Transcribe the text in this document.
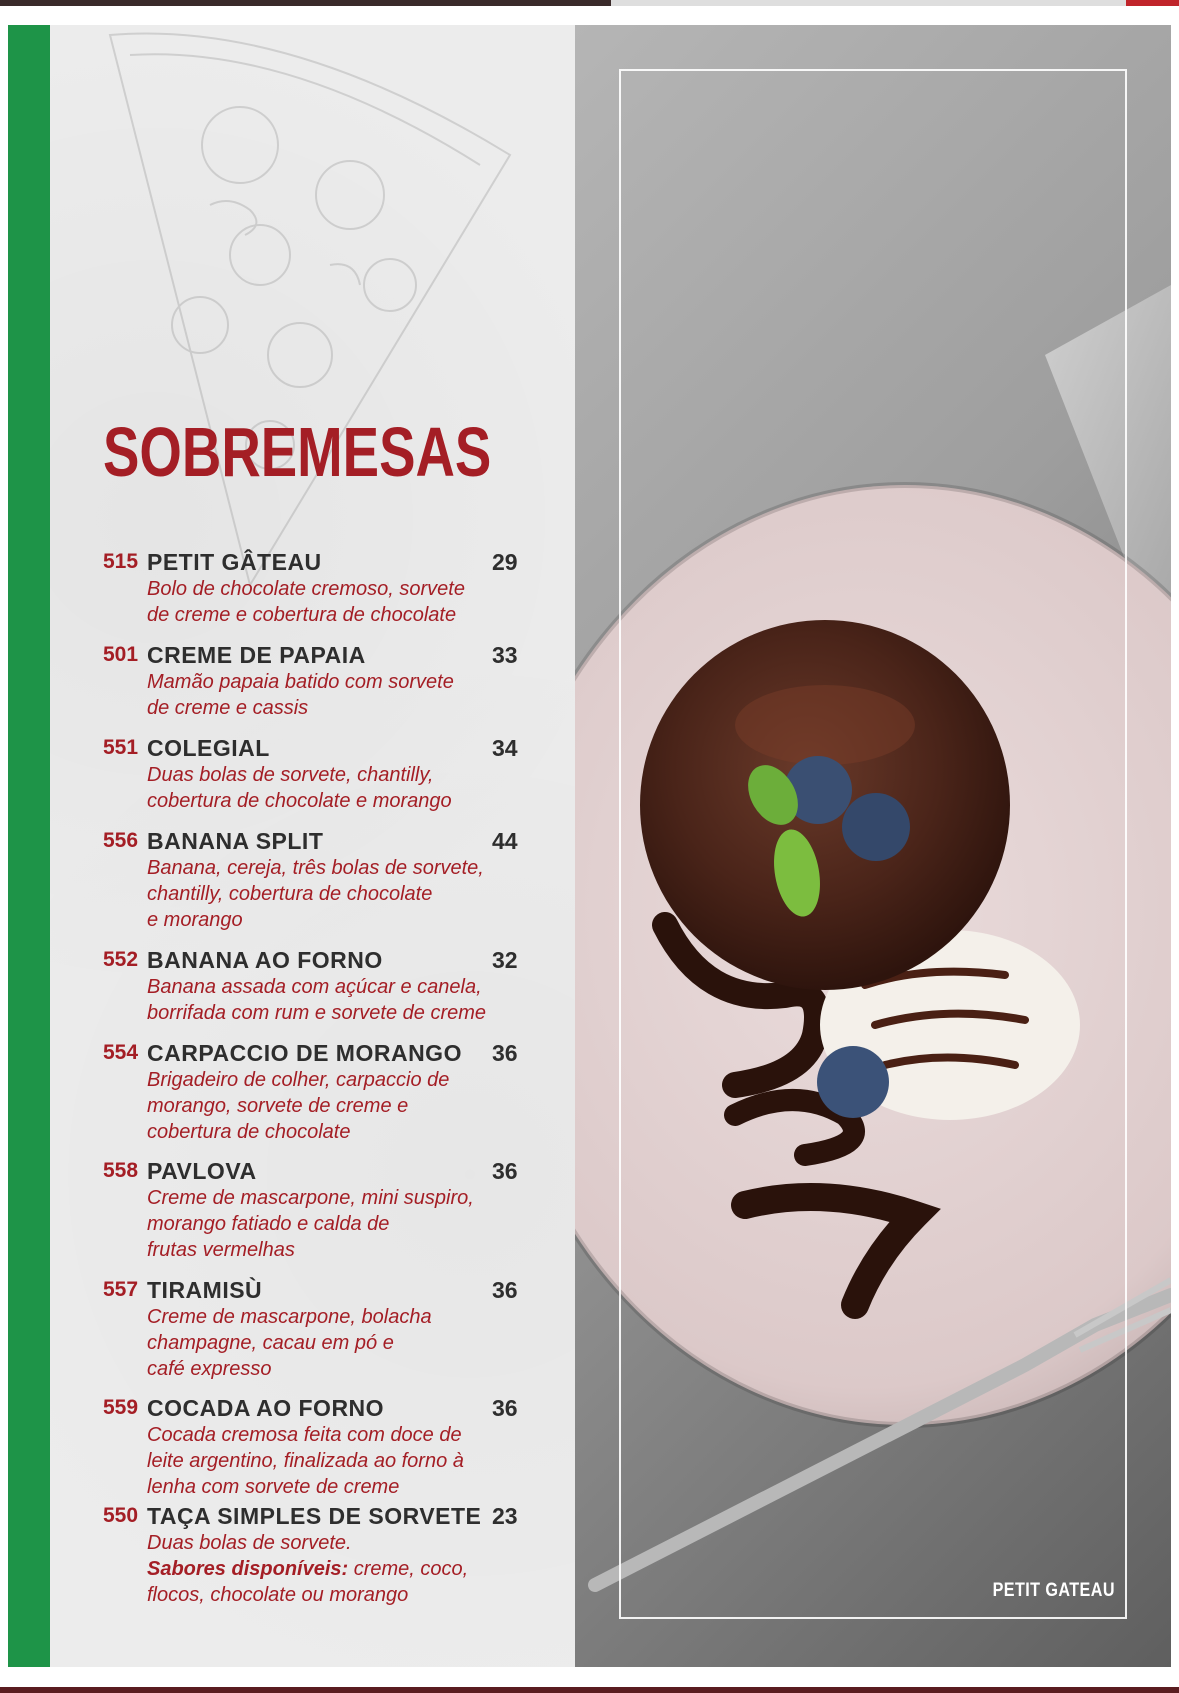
SOBREMESAS
515 PETIT GÂTEAU	29

Bolo de chocolate cremoso, sorvete

de creme e cobertura de chocolate

501 CREME DE PAPAIA	33

Mamão papaia batido com sorvete

de creme e cassis

551 COLEGIAL	34

Duas bolas de sorvete, chantilly,

cobertura de chocolate e morango

556 BANANA SPLIT	44

Banana, cereja, três bolas de sorvete,

chantilly, cobertura de chocolate

e morango

552 BANANA AO FORNO	32

Banana assada com açúcar e canela,

borrifada com rum e sorvete de creme

554 CARPACCIO DE MORANGO 36

Brigadeiro de colher, carpaccio de

morango, sorvete de creme e

cobertura de chocolate

558 PAVLOVA	36

Creme de mascarpone, mini suspiro,

morango fatiado e calda de

frutas vermelhas

557 TIRAMISÙ	36

Creme de mascarpone, bolacha

champagne, cacau em pó e

café expresso

559 COCADA AO FORNO	36

Cocada cremosa feita com doce de

leite argentino, finalizada ao forno à

lenha com sorvete de creme

550 TAÇA SIMPLES DE SORVETE 23

Duas bolas de sorvete.

Sabores disponíveis: creme, coco,

flocos, chocolate ou morango	PETIT GATEAU
